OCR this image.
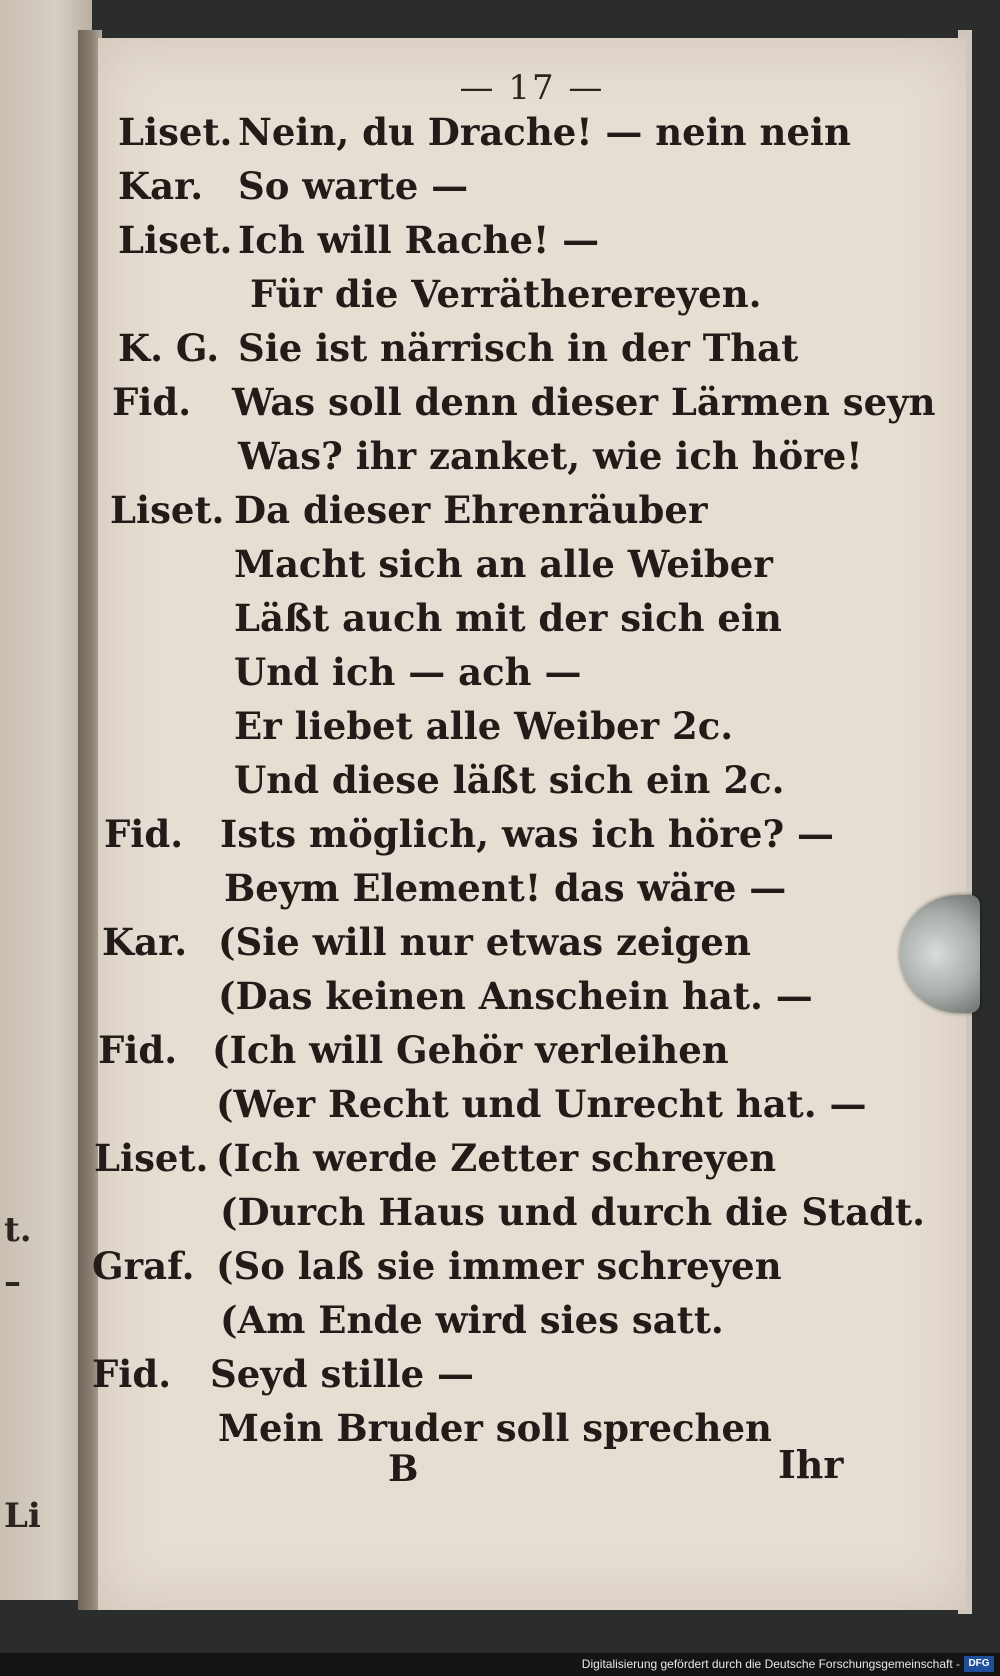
t.
–
Li
— 17 —
Liset. Nein, du Drache! — nein nein
Kar. So warte —
Liset. Ich will Rache! —
Für die Verrätherereyen.
K. G. Sie ist närrisch in der That
Fid. Was soll denn dieser Lärmen seyn
Was? ihr zanket, wie ich höre!
Liset. Da dieser Ehrenräuber
Macht sich an alle Weiber
Läßt auch mit der sich ein
Und ich — ach —
Er liebet alle Weiber 2c.
Und diese läßt sich ein 2c.
Fid. Ists möglich, was ich höre? —
Beym Element! das wäre —
Kar. (Sie will nur etwas zeigen
(Das keinen Anschein hat. —
Fid. (Ich will Gehör verleihen
(Wer Recht und Unrecht hat. —
Liset. (Ich werde Zetter schreyen
(Durch Haus und durch die Stadt.
Graf. (So laß sie immer schreyen
(Am Ende wird sies satt.
Fid. Seyd stille —
Mein Bruder soll sprechen
B	Ihr
Digitalisierung gefördert durch die Deutsche Forschungsgemeinschaft - DFG
